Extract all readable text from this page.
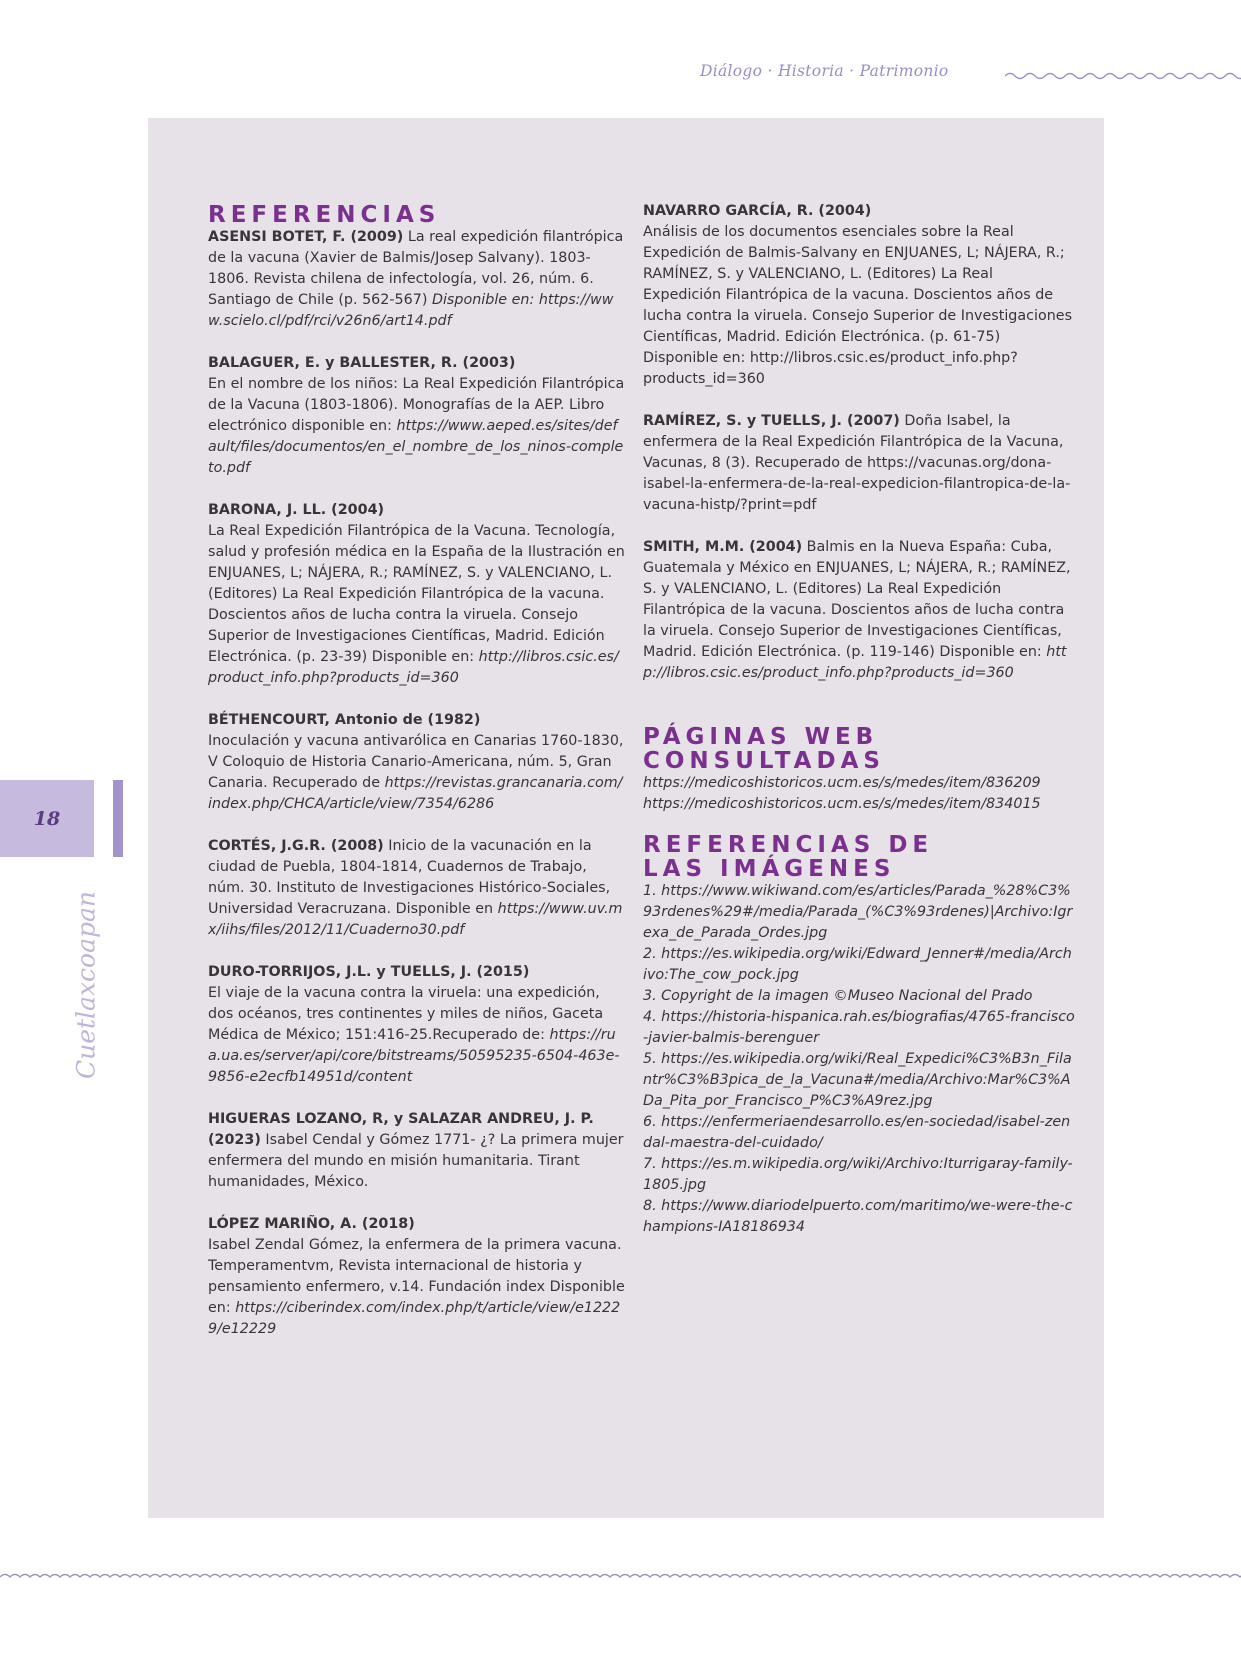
Diálogo · Historia · Patrimonio
18
Cuetlaxcoapan
REFERENCIAS

ASENSI BOTET, F. (2009) La real expedición filantrópica de la vacuna (Xavier de Balmis/Josep Salvany). 1803-1806. Revista chilena de infectología, vol. 26, núm. 6. Santiago de Chile (p. 562-567) Disponible en: https://www.scielo.cl/pdf/rci/v26n6/art14.pdf

BALAGUER, E. y BALLESTER, R. (2003)
En el nombre de los niños: La Real Expedición Filantrópica de la Vacuna (1803-1806). Monografías de la AEP. Libro electrónico disponible en: https://www.aeped.es/sites/default/files/documentos/en_el_nombre_de_los_ninos-completo.pdf

BARONA, J. LL. (2004)
La Real Expedición Filantrópica de la Vacuna. Tecnología, salud y profesión médica en la España de la Ilustración en ENJUANES, L; NÁJERA, R.; RAMÍNEZ, S. y VALENCIANO, L. (Editores) La Real Expedición Filantrópica de la vacuna. Doscientos años de lucha contra la viruela. Consejo Superior de Investigaciones Científicas, Madrid. Edición Electrónica. (p. 23-39) Disponible en: http://libros.csic.es/product_info.php?products_id=360

BÉTHENCOURT, Antonio de (1982)
Inoculación y vacuna antivarólica en Canarias 1760-1830, V Coloquio de Historia Canario-Americana, núm. 5, Gran Canaria. Recuperado de https://revistas.grancanaria.com/index.php/CHCA/article/view/7354/6286

CORTÉS, J.G.R. (2008) Inicio de la vacunación en la ciudad de Puebla, 1804-1814, Cuadernos de Trabajo, núm. 30. Instituto de Investigaciones Histórico-Sociales, Universidad Veracruzana. Disponible en https://www.uv.mx/iihs/files/2012/11/Cuaderno30.pdf

DURO-TORRIJOS, J.L. y TUELLS, J. (2015)
El viaje de la vacuna contra la viruela: una expedición, dos océanos, tres continentes y miles de niños, Gaceta Médica de México; 151:416-25.Recuperado de: https://rua.ua.es/server/api/core/bitstreams/50595235-6504-463e-9856-e2ecfb14951d/content

HIGUERAS LOZANO, R, y SALAZAR ANDREU, J. P. (2023) Isabel Cendal y Gómez 1771- ¿? La primera mujer enfermera del mundo en misión humanitaria. Tirant humanidades, México.

LÓPEZ MARIÑO, A. (2018)
Isabel Zendal Gómez, la enfermera de la primera vacuna. Temperamentvm, Revista internacional de historia y pensamiento enfermero, v.14. Fundación index Disponible en: https://ciberindex.com/index.php/t/article/view/e12229/e12229

NAVARRO GARCÍA, R. (2004)
Análisis de los documentos esenciales sobre la Real Expedición de Balmis-Salvany en ENJUANES, L; NÁJERA, R.; RAMÍNEZ, S. y VALENCIANO, L. (Editores) La Real Expedición Filantrópica de la vacuna. Doscientos años de lucha contra la viruela. Consejo Superior de Investigaciones Científicas, Madrid. Edición Electrónica. (p. 61-75) Disponible en: http://libros.csic.es/product_info.php?products_id=360

RAMÍREZ, S. y TUELLS, J. (2007) Doña Isabel, la enfermera de la Real Expedición Filantrópica de la Vacuna, Vacunas, 8 (3). Recuperado de https://vacunas.org/dona-isabel-la-enfermera-de-la-real-expedicion-filantropica-de-la-vacuna-histp/?print=pdf

SMITH, M.M. (2004) Balmis en la Nueva España: Cuba, Guatemala y México en ENJUANES, L; NÁJERA, R.; RAMÍNEZ, S. y VALENCIANO, L. (Editores) La Real Expedición Filantrópica de la vacuna. Doscientos años de lucha contra la viruela. Consejo Superior de Investigaciones Científicas, Madrid. Edición Electrónica. (p. 119-146) Disponible en: http://libros.csic.es/product_info.php?products_id=360

PÁGINAS WEB
CONSULTADAS
https://medicoshistoricos.ucm.es/s/medes/item/836209
https://medicoshistoricos.ucm.es/s/medes/item/834015
REFERENCIAS DE
LAS IMÁGENES
1. https://www.wikiwand.com/es/articles/Parada_%28%C3%93rdenes%29#/media/Parada_(%C3%93rdenes)|Archivo:Igrexa_de_Parada_Ordes.jpg
2. https://es.wikipedia.org/wiki/Edward_Jenner#/media/Archivo:The_cow_pock.jpg
3. Copyright de la imagen ©Museo Nacional del Prado
4. https://historia-hispanica.rah.es/biografias/4765-francisco-javier-balmis-berenguer
5. https://es.wikipedia.org/wiki/Real_Expedici%C3%B3n_Filantr%C3%B3pica_de_la_Vacuna#/media/Archivo:Mar%C3%ADa_Pita_por_Francisco_P%C3%A9rez.jpg
6. https://enfermeriaendesarrollo.es/en-sociedad/isabel-zendal-maestra-del-cuidado/
7. https://es.m.wikipedia.org/wiki/Archivo:Iturrigaray-family-1805.jpg
8. https://www.diariodelpuerto.com/maritimo/we-were-the-champions-IA18186934
